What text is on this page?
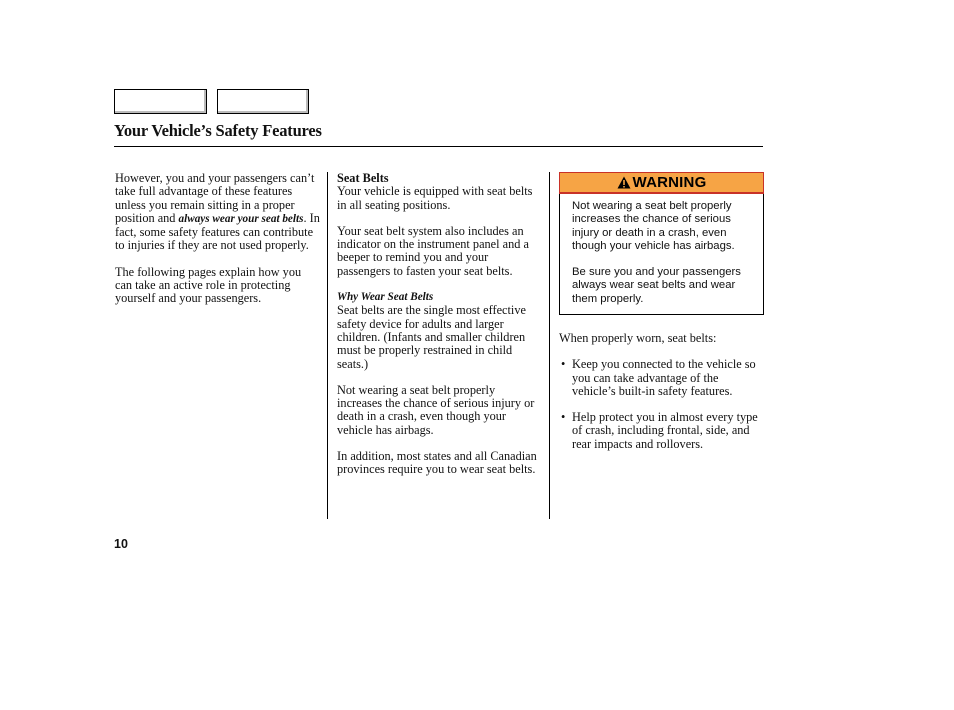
Your Vehicle’s Safety Features

However, you and your passengers can’t take full advantage of these features unless you remain sitting in a proper position and always wear your seat belts. In fact, some safety features can contribute to injuries if they are not used properly.

The following pages explain how you can take an active role in protecting yourself and your passengers.

Seat Belts

Your vehicle is equipped with seat belts in all seating positions.

Your seat belt system also includes an indicator on the instrument panel and a beeper to remind you and your passengers to fasten your seat belts.

Why Wear Seat Belts

Seat belts are the single most effective safety device for adults and larger children. (Infants and smaller children must be properly restrained in child seats.)

Not wearing a seat belt properly increases the chance of serious injury or death in a crash, even though your vehicle has airbags.

In addition, most states and all Canadian provinces require you to wear seat belts.

WARNING

Not wearing a seat belt properly increases the chance of serious injury or death in a crash, even though your vehicle has airbags.

Be sure you and your passengers always wear seat belts and wear them properly.

When properly worn, seat belts:

• Keep you connected to the vehicle so you can take advantage of the vehicle’s built-in safety features.
• Help protect you in almost every type of crash, including frontal, side, and rear impacts and rollovers.
10
